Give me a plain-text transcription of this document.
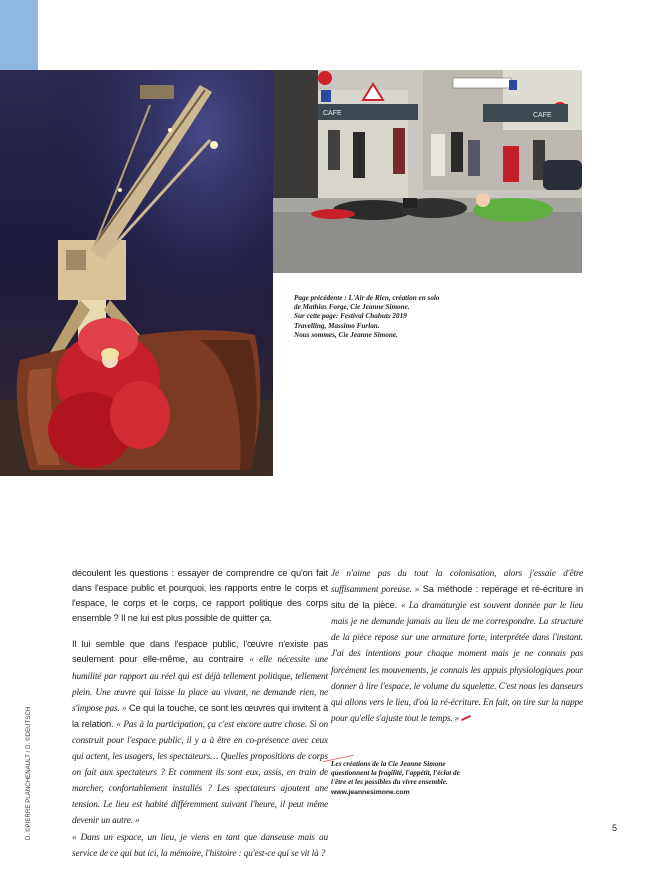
CAFE	CAFE
Page précédente : L'Air de Rien, création en solo
de Mathias Forge, Cie Jeanne Simone.
Sur cette page: Festival Chahuts 2019
Travelling, Massimo Furlan.
Nous sommes, Cie Jeanne Simone.

découlent les questions : essayer de comprendre ce qu'on fait dans l'espace public et pourquoi, les rapports entre le corps et l'espace, le corps et le corps, ce rapport politique des corps ensemble ? Il ne lui est plus possible de quitter ça.

Il lui semble que dans l'espace public, l'œuvre n'existe pas seulement pour elle-même, au contraire « elle nécessite une humilité par rapport au réel qui est déjà tellement politique, tellement plein. Une œuvre qui laisse la place au vivant, ne demande rien, ne s'impose pas. » Ce qui la touche, ce sont les œuvres qui invitent à la relation. « Pas à la participation, ça c'est encore autre chose. Si on construit pour l'espace public, il y a à être en co-présence avec ceux qui actent, les usagers, les spectateurs… Quelles propositions de corps on fait aux spectateurs ? Et comment ils sont eux, assis, en train de marcher, confortablement installés ? Les spectateurs ajoutent une tension. Le lieu est habité différemment suivant l'heure, il peut même devenir un autre. »
« Dans un espace, un lieu, je viens en tant que danseuse mais au service de ce qui bat ici, la mémoire, l'histoire : qu'est-ce qui se vit là ?

Je n'aime pas du tout la colonisation, alors j'essaie d'être suffisamment poreuse. » Sa méthode : repérage et ré-écriture in situ de la pièce. « La dramaturgie est souvent donnée par le lieu mais je ne demande jamais au lieu de me correspondre. La structure de la pièce repose sur une armature forte, interprétée dans l'instant. J'ai des intentions pour chaque moment mais je ne connais pas forcément les mouvements, je connais les appuis physiologiques pour donner à lire l'espace, le volume du squelette. C'est nous les danseurs qui allons vers le lieu, d'où la ré-écriture. En fait, on tire sur la nappe pour qu'elle s'ajuste tout le temps. »

Les créations de la Cie Jeanne Simone
questionnent la fragilité, l'appétit, l'éclat de
l'être et les possibles du vivre ensemble.
www.jeannesimone.com
D. ©PIERRE PLANCHENAULT / D. ©DEUTSCH	5
